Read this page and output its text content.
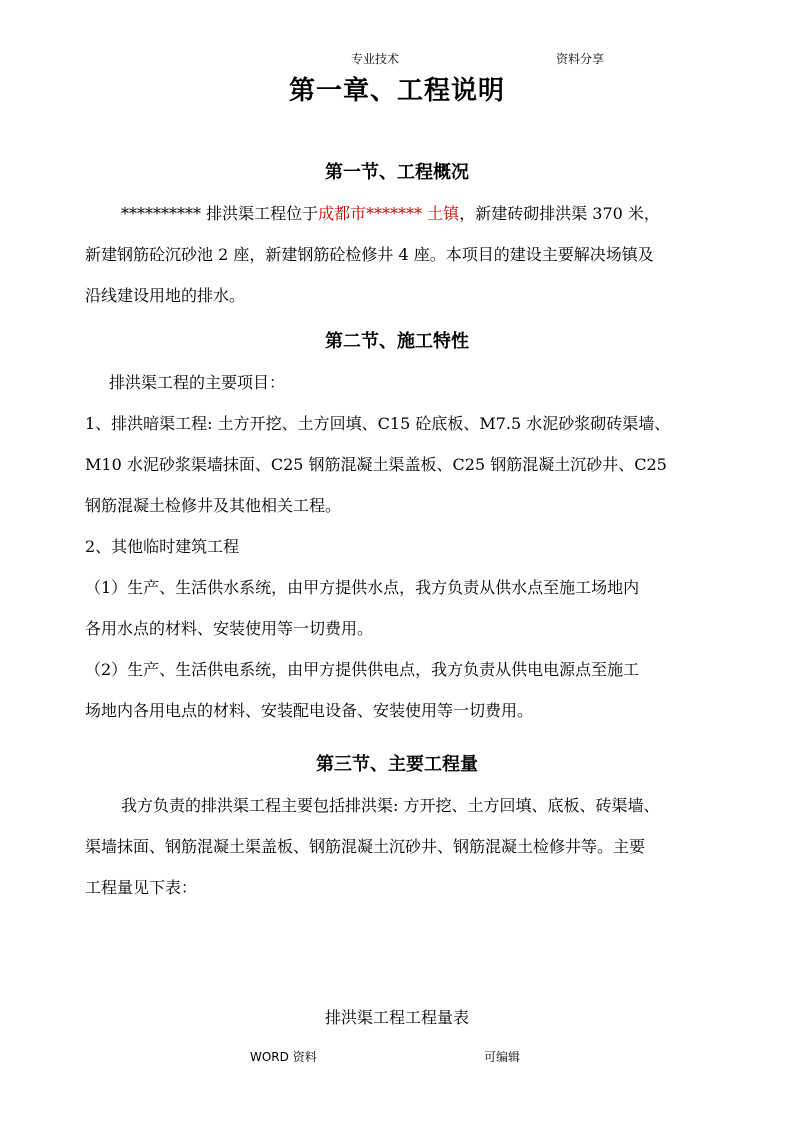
专业技术	资料分享
第一章、工程说明
第一节、工程概况
********** 排洪渠工程位于成都市******* 土镇，新建砖砌排洪渠 370 米，
新建钢筋砼沉砂池 2 座，新建钢筋砼检修井 4 座。本项目的建设主要解决场镇及
沿线建设用地的排水。
第二节、施工特性
排洪渠工程的主要项目：
1、排洪暗渠工程: 土方开挖、土方回填、C15 砼底板、M7.5 水泥砂浆砌砖渠墙、
M10 水泥砂浆渠墙抹面、C25 钢筋混凝土渠盖板、C25 钢筋混凝土沉砂井、C25
钢筋混凝土检修井及其他相关工程。
2、其他临时建筑工程
（1）生产、生活供水系统，由甲方提供水点，我方负责从供水点至施工场地内
各用水点的材料、安装使用等一切费用。
（2）生产、生活供电系统，由甲方提供供电点，我方负责从供电电源点至施工
场地内各用电点的材料、安装配电设备、安装使用等一切费用。
第三节、主要工程量
我方负责的排洪渠工程主要包括排洪渠: 方开挖、土方回填、底板、砖渠墙、
渠墙抹面、钢筋混凝土渠盖板、钢筋混凝土沉砂井、钢筋混凝土检修井等。主要
工程量见下表：
排洪渠工程工程量表
WORD 资料	可编辑
